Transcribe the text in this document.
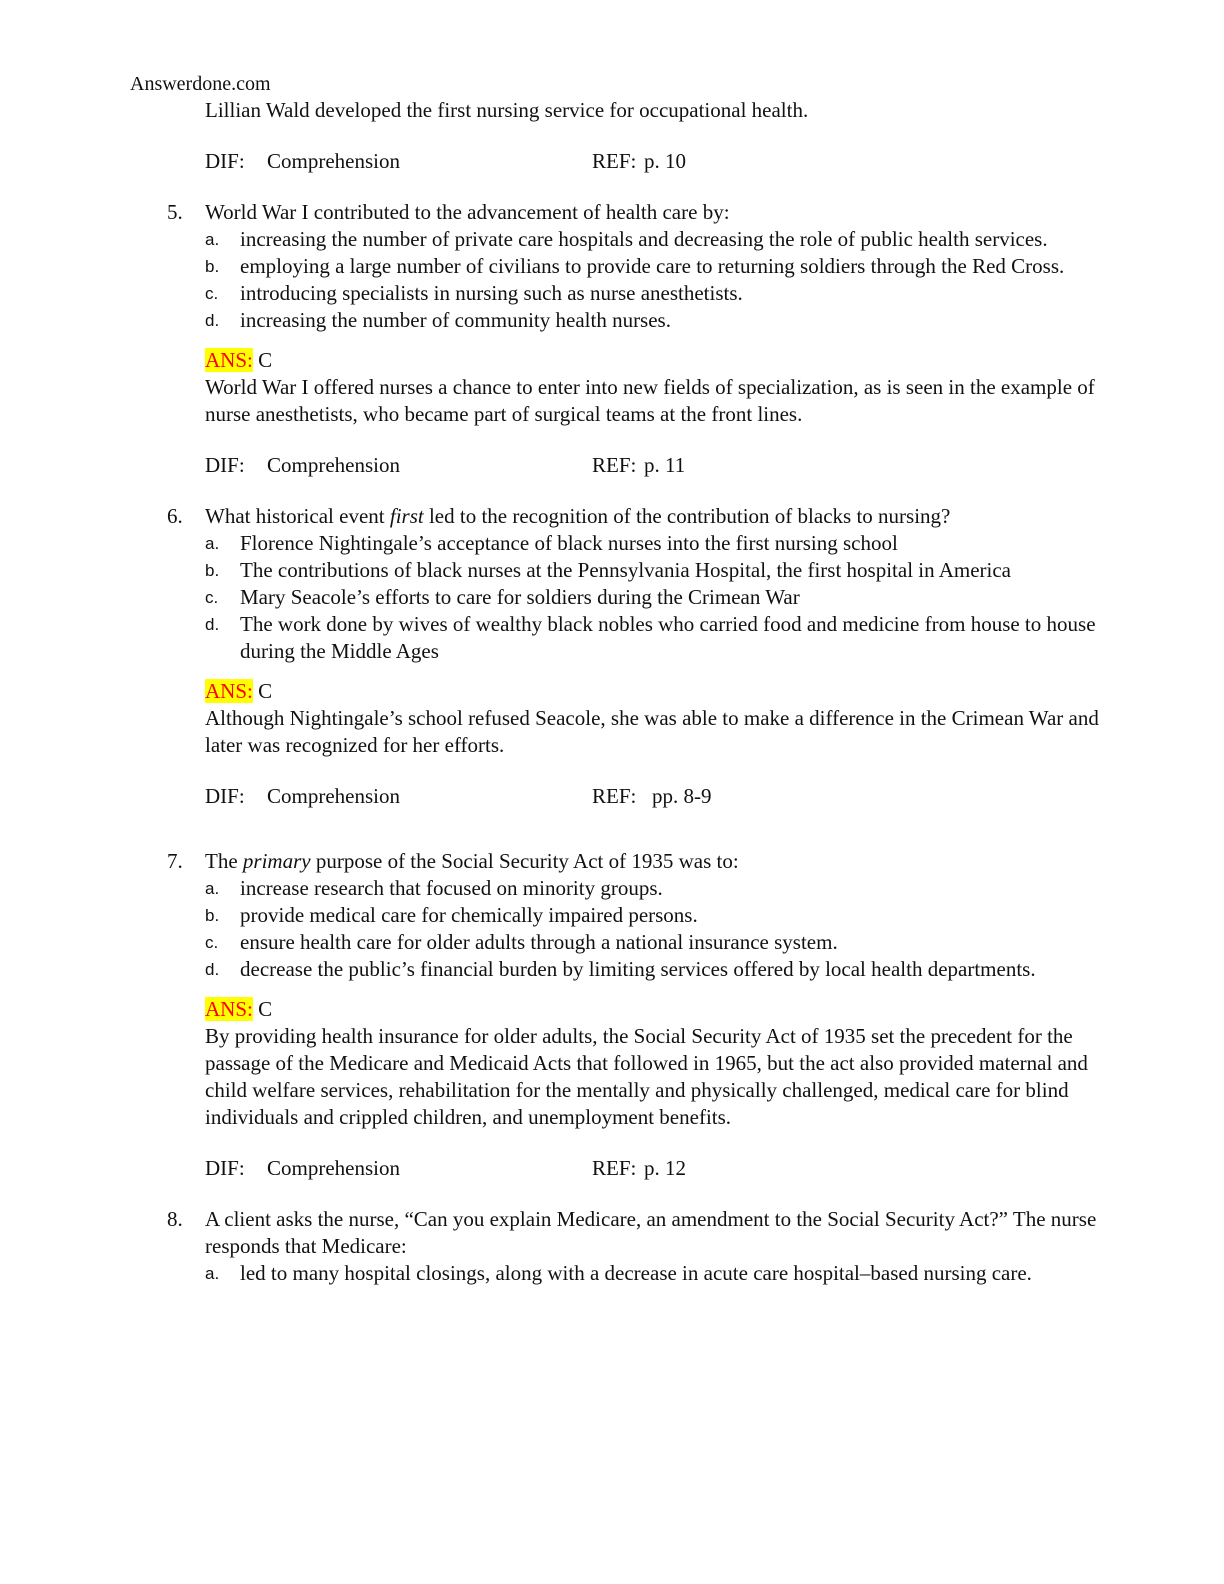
Answerdone.com

Lillian Wald developed the first nursing service for occupational health.

DIF: Comprehension	REF: p. 10
5. World War I contributed to the advancement of health care by:

a. increasing the number of private care hospitals and decreasing the role of public health services.
b. employing a large number of civilians to provide care to returning soldiers through the Red Cross.
c. introducing specialists in nursing such as nurse anesthetists.
d. increasing the number of community health nurses.

ANS: C

World War I offered nurses a chance to enter into new fields of specialization, as is seen in the example of nurse anesthetists, who became part of surgical teams at the front lines.

DIF: Comprehension	REF: p. 11
6. What historical event first led to the recognition of the contribution of blacks to nursing?

a. Florence Nightingale’s acceptance of black nurses into the first nursing school
b. The contributions of black nurses at the Pennsylvania Hospital, the first hospital in America
c. Mary Seacole’s efforts to care for soldiers during the Crimean War
d. The work done by wives of wealthy black nobles who carried food and medicine from house to house during the Middle Ages

ANS: C

Although Nightingale’s school refused Seacole, she was able to make a difference in the Crimean War and later was recognized for her efforts.

DIF: Comprehension	REF: pp. 8-9
7. The primary purpose of the Social Security Act of 1935 was to:

a. increase research that focused on minority groups.
b. provide medical care for chemically impaired persons.
c. ensure health care for older adults through a national insurance system.
d. decrease the public’s financial burden by limiting services offered by local health departments.

ANS: C

By providing health insurance for older adults, the Social Security Act of 1935 set the precedent for the passage of the Medicare and Medicaid Acts that followed in 1965, but the act also provided maternal and child welfare services, rehabilitation for the mentally and physically challenged, medical care for blind individuals and crippled children, and unemployment benefits.

DIF: Comprehension	REF: p. 12
8. A client asks the nurse, “Can you explain Medicare, an amendment to the Social Security Act?” The nurse responds that Medicare:

a. led to many hospital closings, along with a decrease in acute care hospital–based nursing care.
